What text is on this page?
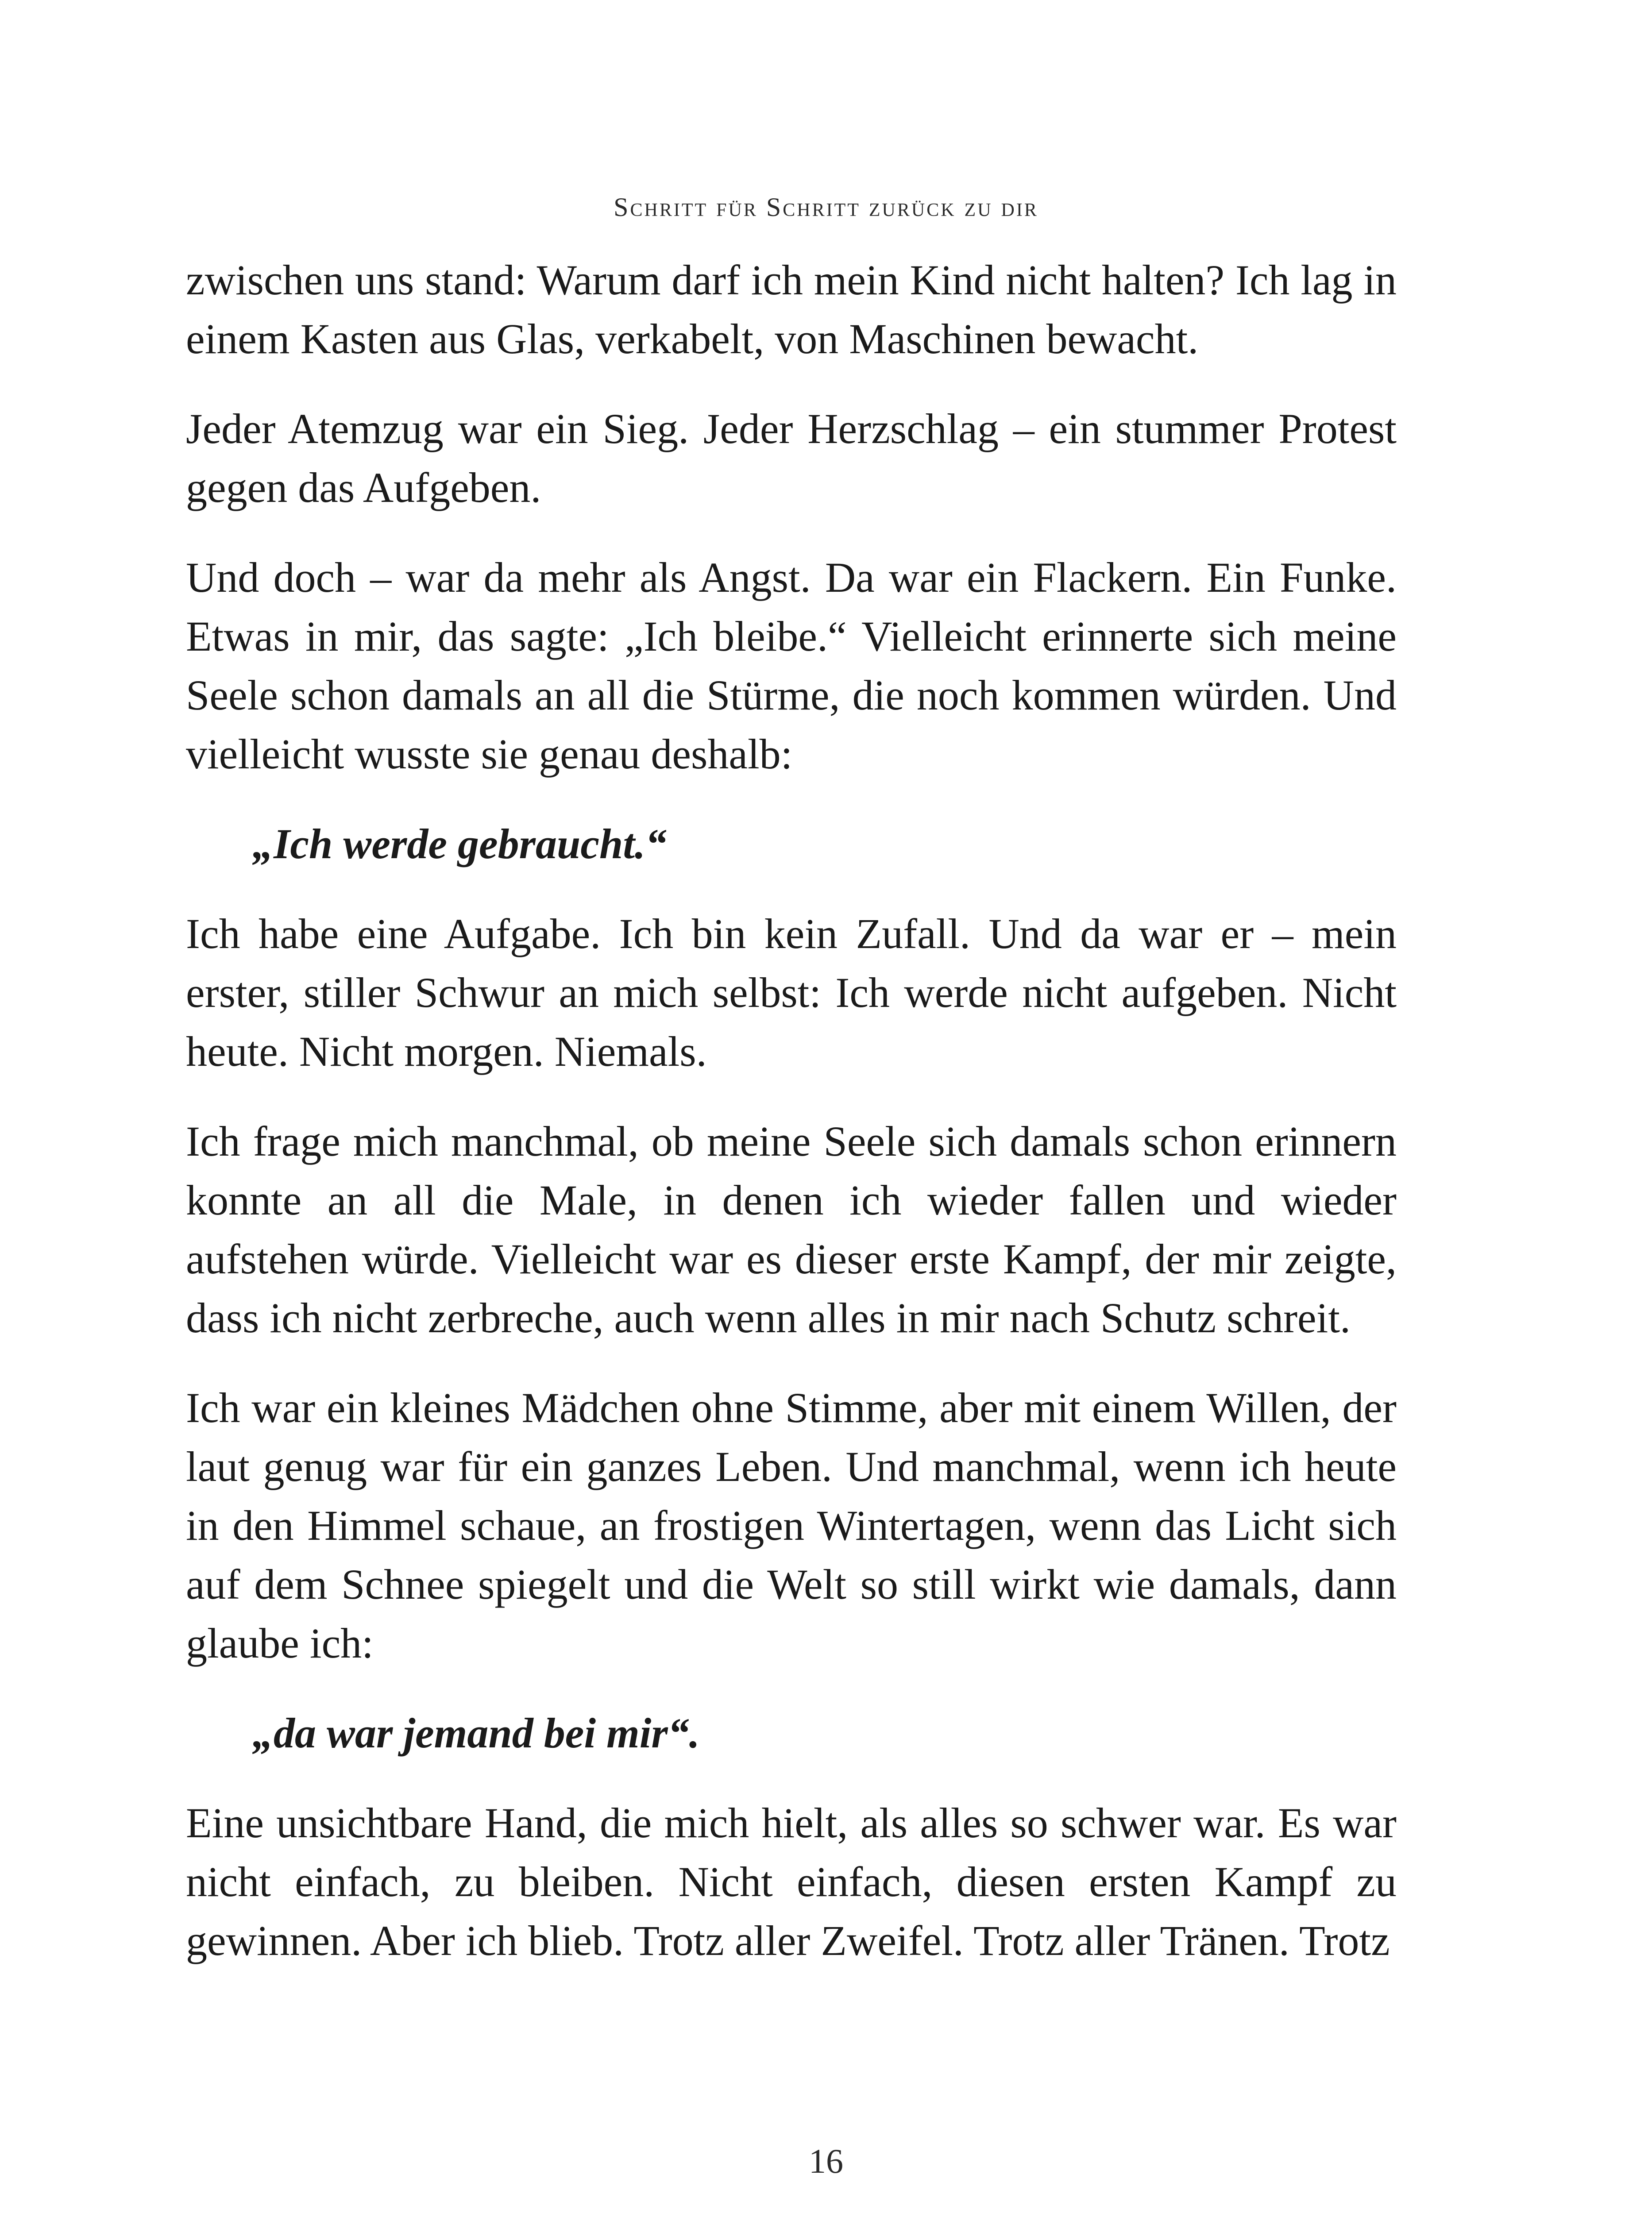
Schritt für Schritt zurück zu dir

zwischen uns stand: Warum darf ich mein Kind nicht halten? Ich lag in einem Kasten aus Glas, verkabelt, von Maschinen bewacht.

Jeder Atemzug war ein Sieg. Jeder Herzschlag – ein stummer Protest gegen das Aufgeben.

Und doch – war da mehr als Angst. Da war ein Flackern. Ein Funke. Etwas in mir, das sagte: „Ich bleibe.“ Vielleicht erinnerte sich meine Seele schon damals an all die Stürme, die noch kommen würden. Und vielleicht wusste sie genau deshalb:

„Ich werde gebraucht.“

Ich habe eine Aufgabe. Ich bin kein Zufall. Und da war er – mein erster, stiller Schwur an mich selbst: Ich werde nicht aufgeben. Nicht heute. Nicht morgen. Niemals.

Ich frage mich manchmal, ob meine Seele sich damals schon erinnern konnte an all die Male, in denen ich wieder fallen und wieder aufstehen würde. Vielleicht war es dieser erste Kampf, der mir zeigte, dass ich nicht zerbreche, auch wenn alles in mir nach Schutz schreit.

Ich war ein kleines Mädchen ohne Stimme, aber mit einem Willen, der laut genug war für ein ganzes Leben. Und manchmal, wenn ich heute in den Himmel schaue, an frostigen Wintertagen, wenn das Licht sich auf dem Schnee spiegelt und die Welt so still wirkt wie damals, dann glaube ich:

„da war jemand bei mir“.

Eine unsichtbare Hand, die mich hielt, als alles so schwer war. Es war nicht einfach, zu bleiben. Nicht einfach, diesen ersten Kampf zu gewinnen. Aber ich blieb. Trotz aller Zweifel. Trotz aller Tränen. Trotz

16
